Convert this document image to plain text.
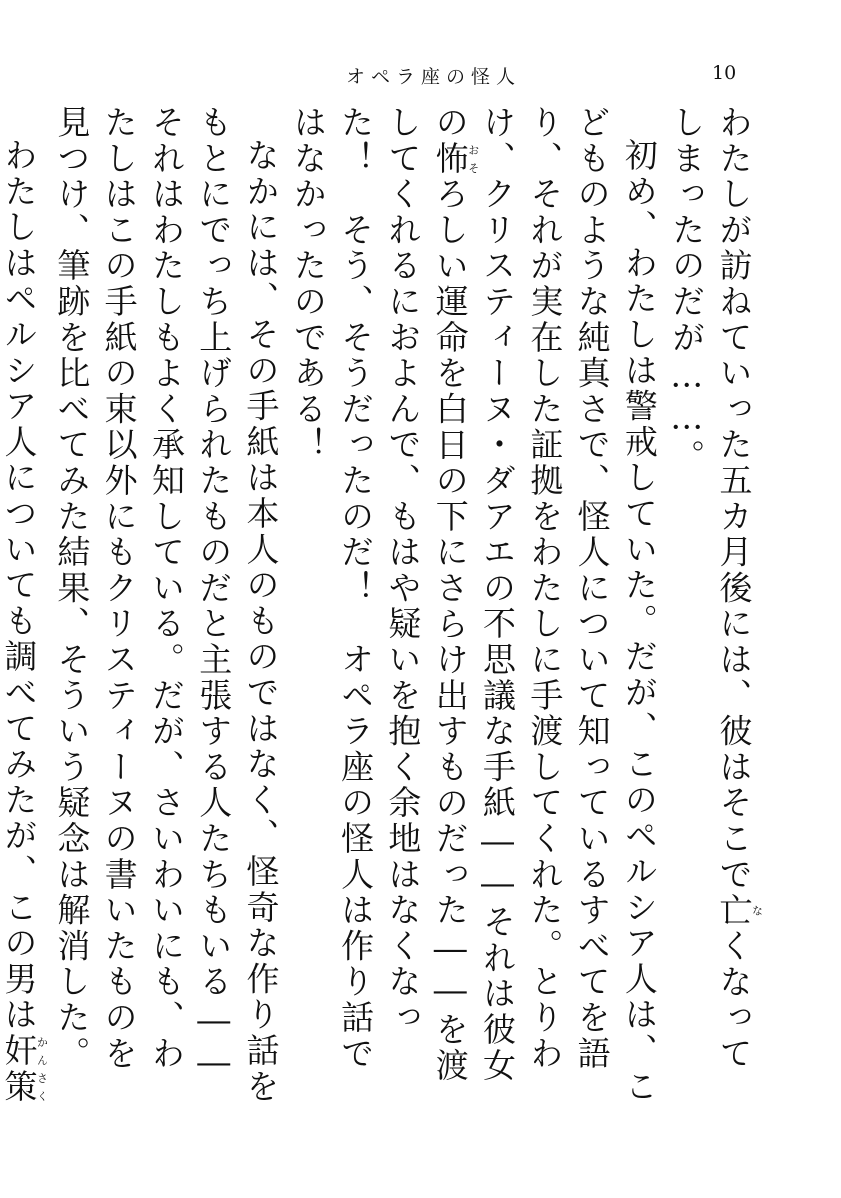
オペラ座の怪人	10

わたしが訪ねていった五カ月後には、彼はそこで亡なくなってしまったのだが……。

初め、わたしは警戒していた。だが、このペルシア人は、こどものような純真さで、怪人について知っているすべてを語り、それが実在した証拠をわたしに手渡してくれた。とりわけ、クリスティーヌ・ダアエの不思議な手紙――それは彼女の怖おそろしい運命を白日の下にさらけ出すものだった――を渡してくれるにおよんで、もはや疑いを抱く余地はなくなった！　そう、そうだったのだ！　オペラ座の怪人は作り話ではなかったのである！

なかには、その手紙は本人のものではなく、怪奇な作り話をもとにでっち上げられたものだと主張する人たちもいる――それはわたしもよく承知している。だが、さいわいにも、わたしはこの手紙の束以外にもクリスティーヌの書いたものを見つけ、筆跡を比べてみた結果、そういう疑念は解消した。

わたしはペルシア人についても調べてみたが、この男は奸策かんさく
